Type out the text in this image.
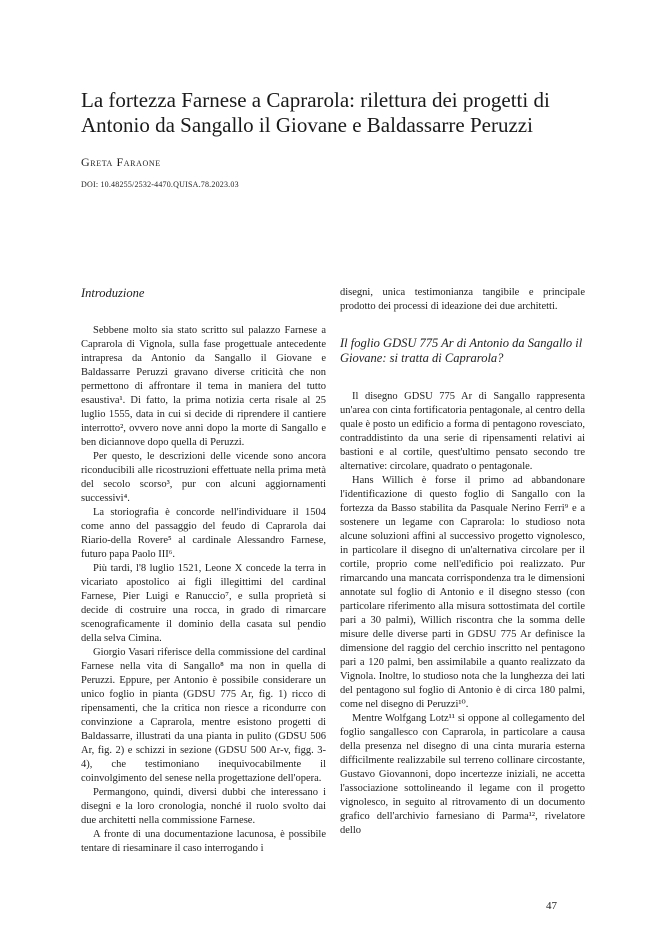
La fortezza Farnese a Caprarola: rilettura dei progetti di Antonio da Sangallo il Giovane e Baldassarre Peruzzi
Greta Faraone
DOI: 10.48255/2532-4470.QUISA.78.2023.03
Introduzione

Sebbene molto sia stato scritto sul palazzo Farnese a Caprarola di Vignola, sulla fase progettuale antecedente intrapresa da Antonio da Sangallo il Giovane e Baldassarre Peruzzi gravano diverse criticità che non permettono di affrontare il tema in maniera del tutto esaustiva¹. Di fatto, la prima notizia certa risale al 25 luglio 1555, data in cui si decide di riprendere il cantiere interrotto², ovvero nove anni dopo la morte di Sangallo e ben diciannove dopo quella di Peruzzi.

Per questo, le descrizioni delle vicende sono ancora riconducibili alle ricostruzioni effettuate nella prima metà del secolo scorso³, pur con alcuni aggiornamenti successivi⁴.

La storiografia è concorde nell'individuare il 1504 come anno del passaggio del feudo di Caprarola dai Riario-della Rovere⁵ al cardinale Alessandro Farnese, futuro papa Paolo III⁶.

Più tardi, l'8 luglio 1521, Leone X concede la terra in vicariato apostolico ai figli illegittimi del cardinal Farnese, Pier Luigi e Ranuccio⁷, e sulla proprietà si decide di costruire una rocca, in grado di rimarcare scenograficamente il dominio della casata sul pendio della selva Cimina.

Giorgio Vasari riferisce della commissione del cardinal Farnese nella vita di Sangallo⁸ ma non in quella di Peruzzi. Eppure, per Antonio è possibile considerare un unico foglio in pianta (GDSU 775 Ar, fig. 1) ricco di ripensamenti, che la critica non riesce a ricondurre con convinzione a Caprarola, mentre esistono progetti di Baldassarre, illustrati da una pianta in pulito (GDSU 506 Ar, fig. 2) e schizzi in sezione (GDSU 500 Ar-v, figg. 3-4), che testimoniano inequivocabilmente il coinvolgimento del senese nella progettazione dell'opera.

Permangono, quindi, diversi dubbi che interessano i disegni e la loro cronologia, nonché il ruolo svolto dai due architetti nella commissione Farnese.

A fronte di una documentazione lacunosa, è possibile tentare di riesaminare il caso interrogando i

disegni, unica testimonianza tangibile e principale prodotto dei processi di ideazione dei due architetti.

Il foglio GDSU 775 Ar di Antonio da Sangallo il Giovane: si tratta di Caprarola?

Il disegno GDSU 775 Ar di Sangallo rappresenta un'area con cinta fortificatoria pentagonale, al centro della quale è posto un edificio a forma di pentagono rovesciato, contraddistinto da una serie di ripensamenti relativi ai bastioni e al cortile, quest'ultimo pensato secondo tre alternative: circolare, quadrato o pentagonale.

Hans Willich è forse il primo ad abbandonare l'identificazione di questo foglio di Sangallo con la fortezza da Basso stabilita da Pasquale Nerino Ferri⁹ e a sostenere un legame con Caprarola: lo studioso nota alcune soluzioni affini al successivo progetto vignolesco, in particolare il disegno di un'alternativa circolare per il cortile, proprio come nell'edificio poi realizzato. Pur rimarcando una mancata corrispondenza tra le dimensioni annotate sul foglio di Antonio e il disegno stesso (con particolare riferimento alla misura sottostimata del cortile pari a 30 palmi), Willich riscontra che la somma delle misure delle diverse parti in GDSU 775 Ar definisce la dimensione del raggio del cerchio inscritto nel pentagono pari a 120 palmi, ben assimilabile a quanto realizzato da Vignola. Inoltre, lo studioso nota che la lunghezza dei lati del pentagono sul foglio di Antonio è di circa 180 palmi, come nel disegno di Peruzzi¹⁰.

Mentre Wolfgang Lotz¹¹ si oppone al collegamento del foglio sangallesco con Caprarola, in particolare a causa della presenza nel disegno di una cinta muraria esterna difficilmente realizzabile sul terreno collinare circostante, Gustavo Giovannoni, dopo incertezze iniziali, ne accetta l'associazione sottolineando il legame con il progetto vignolesco, in seguito al ritrovamento di un documento grafico dell'archivio farnesiano di Parma¹², rivelatore dello

47
